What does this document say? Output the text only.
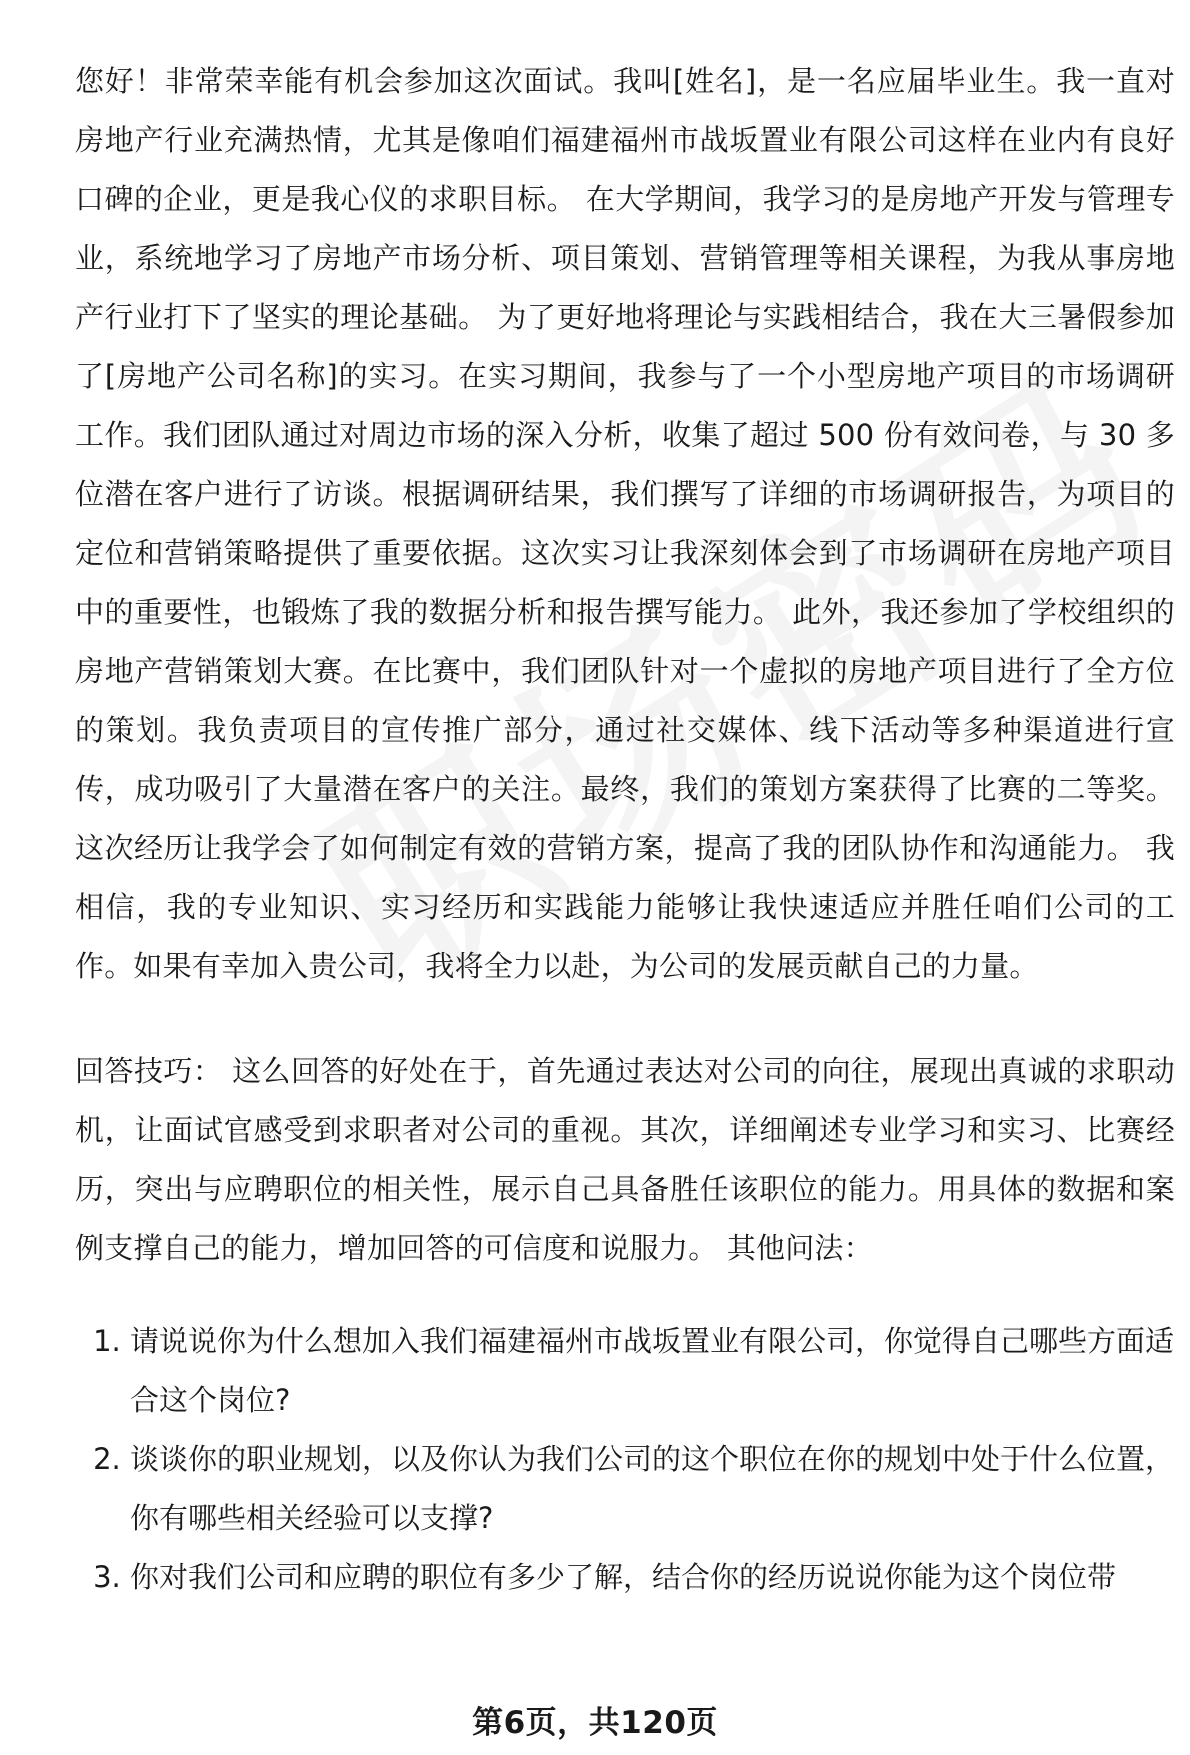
您好！非常荣幸能有机会参加这次面试。我叫[姓名]，是一名应届毕业生。我一直对房地产行业充满热情，尤其是像咱们福建福州市战坂置业有限公司这样在业内有良好口碑的企业，更是我心仪的求职目标。 在大学期间，我学习的是房地产开发与管理专业，系统地学习了房地产市场分析、项目策划、营销管理等相关课程，为我从事房地产行业打下了坚实的理论基础。 为了更好地将理论与实践相结合，我在大三暑假参加了[房地产公司名称]的实习。在实习期间，我参与了一个小型房地产项目的市场调研工作。我们团队通过对周边市场的深入分析，收集了超过 500 份有效问卷，与 30 多位潜在客户进行了访谈。根据调研结果，我们撰写了详细的市场调研报告，为项目的定位和营销策略提供了重要依据。这次实习让我深刻体会到了市场调研在房地产项目中的重要性，也锻炼了我的数据分析和报告撰写能力。 此外，我还参加了学校组织的房地产营销策划大赛。在比赛中，我们团队针对一个虚拟的房地产项目进行了全方位的策划。我负责项目的宣传推广部分，通过社交媒体、线下活动等多种渠道进行宣传，成功吸引了大量潜在客户的关注。最终，我们的策划方案获得了比赛的二等奖。这次经历让我学会了如何制定有效的营销方案，提高了我的团队协作和沟通能力。 我相信，我的专业知识、实习经历和实践能力能够让我快速适应并胜任咱们公司的工作。如果有幸加入贵公司，我将全力以赴，为公司的发展贡献自己的力量。

回答技巧： 这么回答的好处在于，首先通过表达对公司的向往，展现出真诚的求职动机，让面试官感受到求职者对公司的重视。其次，详细阐述专业学习和实习、比赛经历，突出与应聘职位的相关性，展示自己具备胜任该职位的能力。用具体的数据和案例支撑自己的能力，增加回答的可信度和说服力。 其他问法：

1. 请说说你为什么想加入我们福建福州市战坂置业有限公司，你觉得自己哪些方面适合这个岗位?
2. 谈谈你的职业规划，以及你认为我们公司的这个职位在你的规划中处于什么位置，你有哪些相关经验可以支撑?
3. 你对我们公司和应聘的职位有多少了解，结合你的经历说说你能为这个岗位带
第6页，共120页
